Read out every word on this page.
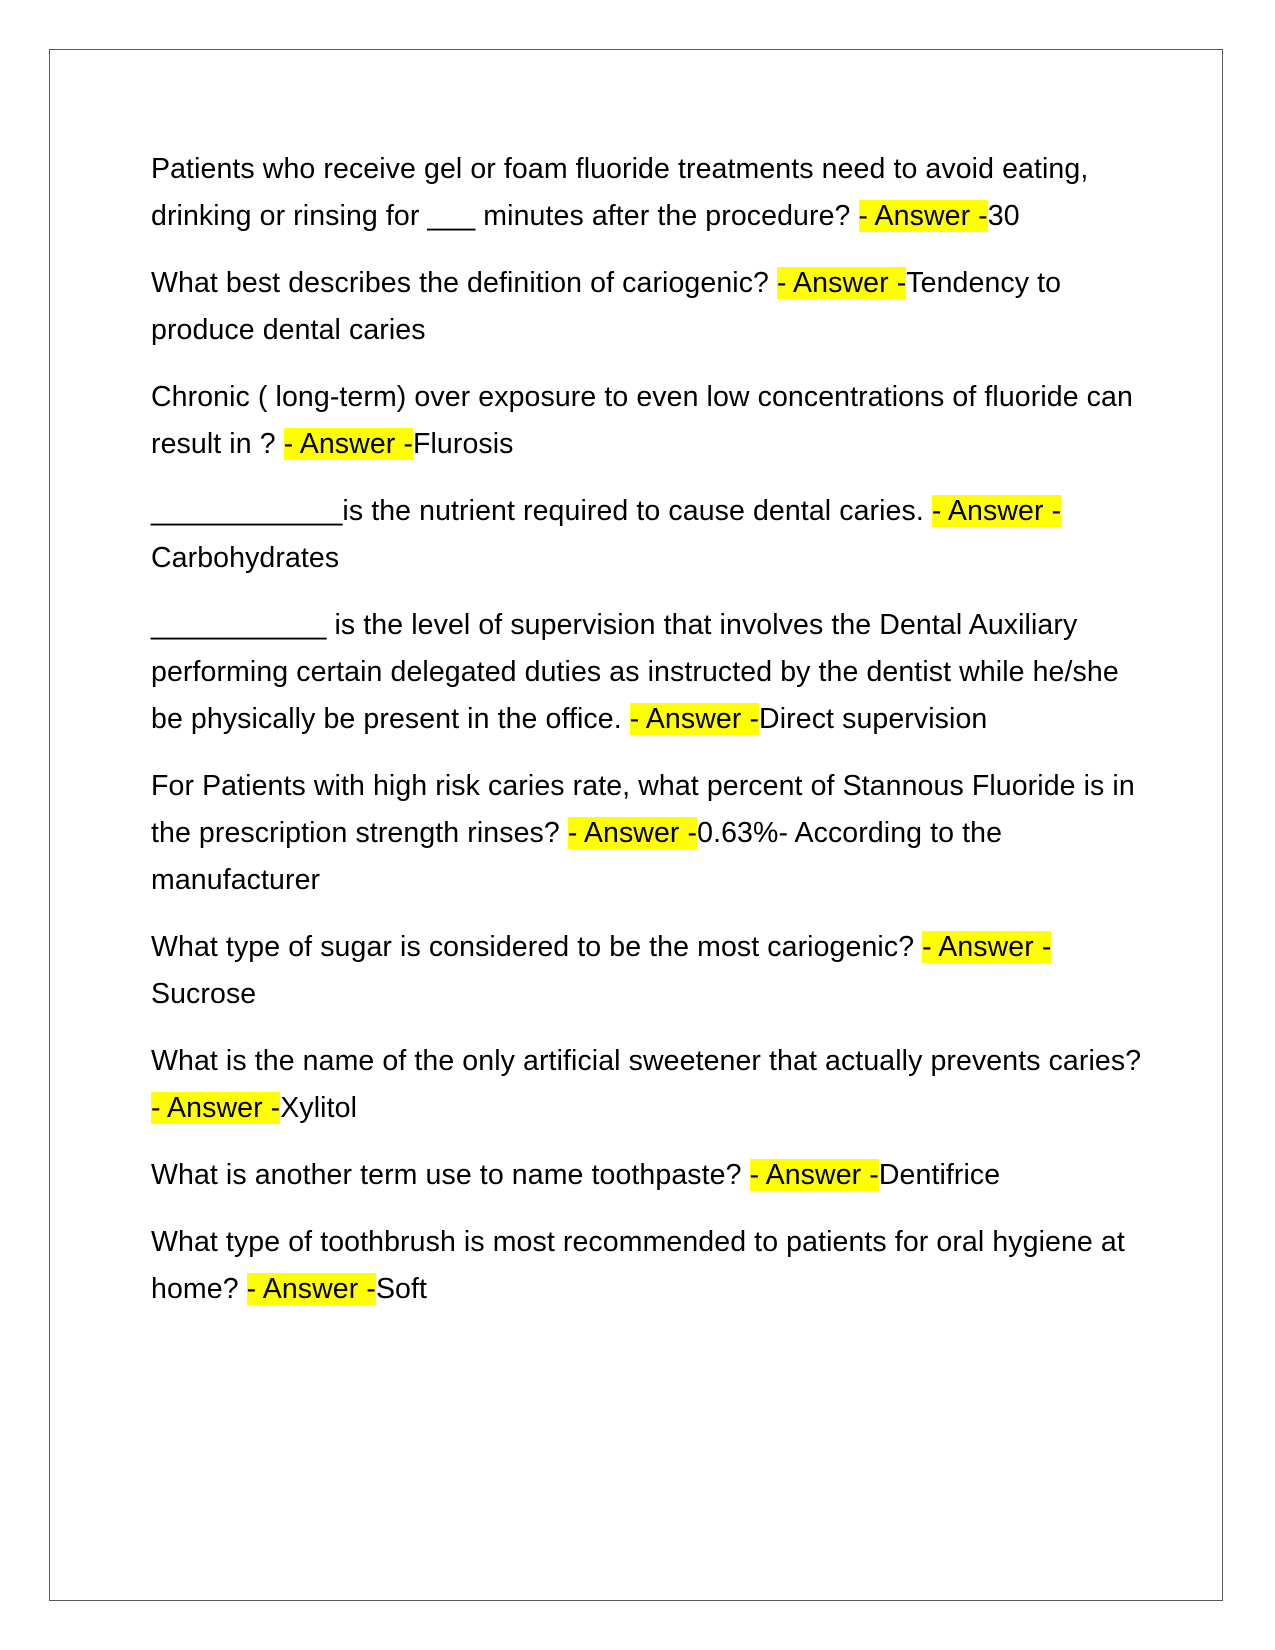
Patients who receive gel or foam fluoride treatments need to avoid eating, drinking or rinsing for ___ minutes after the procedure? - Answer -30

What best describes the definition of cariogenic? - Answer -Tendency to produce dental caries

Chronic ( long-term) over exposure to even low concentrations of fluoride can result in ? - Answer -Flurosis

____________is the nutrient required to cause dental caries. - Answer -Carbohydrates

___________ is the level of supervision that involves the Dental Auxiliary performing certain delegated duties as instructed by the dentist while he/she be physically be present in the office. - Answer -Direct supervision

For Patients with high risk caries rate, what percent of Stannous Fluoride is in the prescription strength rinses? - Answer -0.63%- According to the manufacturer

What type of sugar is considered to be the most cariogenic? - Answer -Sucrose

What is the name of the only artificial sweetener that actually prevents caries? - Answer -Xylitol

What is another term use to name toothpaste? - Answer -Dentifrice

What type of toothbrush is most recommended to patients for oral hygiene at home? - Answer -Soft
